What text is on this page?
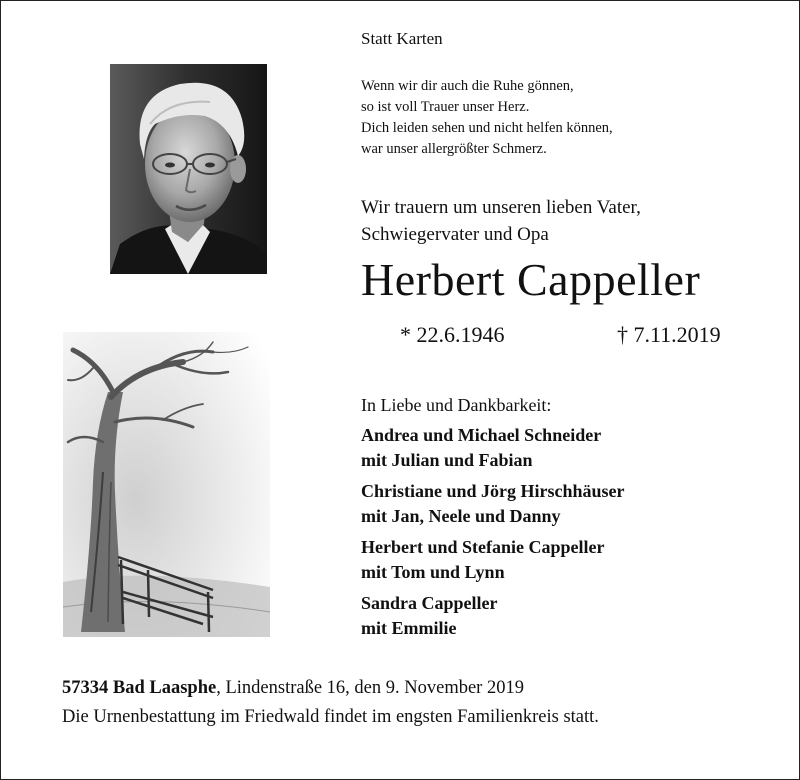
Statt Karten
Wenn wir dir auch die Ruhe gönnen,
so ist voll Trauer unser Herz.
Dich leiden sehen und nicht helfen können,
war unser allergrößter Schmerz.
Wir trauern um unseren lieben Vater,
Schwiegervater und Opa
Herbert Cappeller
* 22.6.1946	† 7.11.2019
In Liebe und Dankbarkeit:
Andrea und Michael Schneider
mit Julian und Fabian
Christiane und Jörg Hirschhäuser
mit Jan, Neele und Danny
Herbert und Stefanie Cappeller
mit Tom und Lynn
Sandra Cappeller
mit Emmilie
57334 Bad Laasphe, Lindenstraße 16, den 9. November 2019
Die Urnenbestattung im Friedwald findet im engsten Familienkreis statt.
